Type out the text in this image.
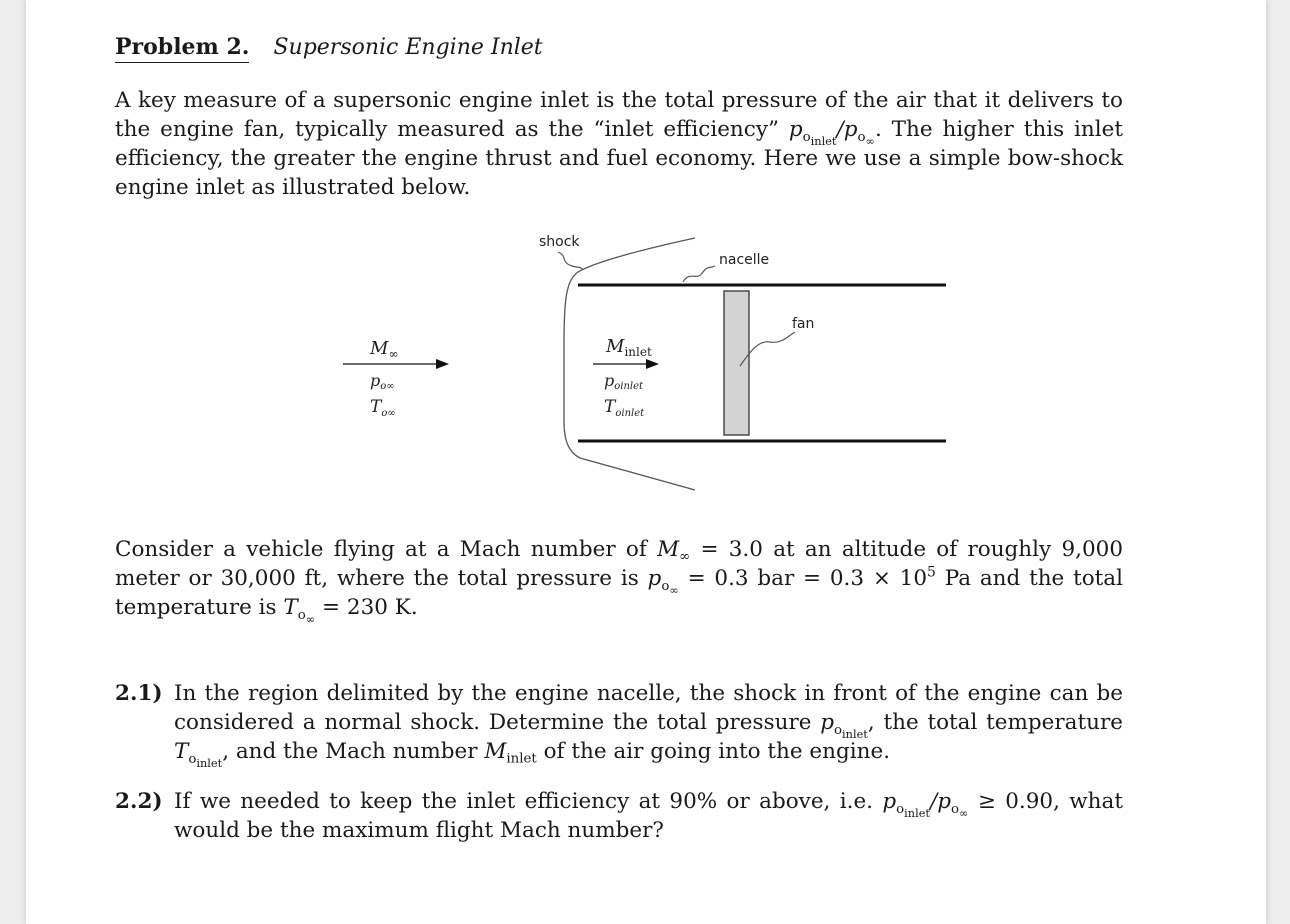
Problem 2. Supersonic Engine Inlet
A key measure of a supersonic engine inlet is the total pressure of the air that it delivers to the engine fan, typically measured as the “inlet efficiency” $p_{o_{inlet}}/p_{o_\infty}$. The higher this inlet efficiency, the greater the engine thrust and fuel economy. Here we use a simple bow-shock engine inlet as illustrated below.
shock
nacelle
fan
$M_\infty$
po∞
$T_{o\infty}$
$M_{inlet}$
poinlet
$T_{oinlet}$
Consider a vehicle flying at a Mach number of $M_\infty = 3.0$ at an altitude of roughly 9,000 meter or 30,000 ft, where the total pressure is $p_{o_\infty} = 0.3$ bar = $0.3 \times 10^5$ Pa and the total temperature is $T_{o_\infty} = 230$ K.
2.1) In the region delimited by the engine nacelle, the shock in front of the engine can be considered a normal shock. Determine the total pressure $p_{o_{inlet}}$, the total temperature $T_{o_{inlet}}$, and the Mach number $M_{inlet}$ of the air going into the engine.
2.2) If we needed to keep the inlet efficiency at 90% or above, i.e. $p_{o_{inlet}}/p_{o_\infty} \ge 0.90$, what would be the maximum flight Mach number?
